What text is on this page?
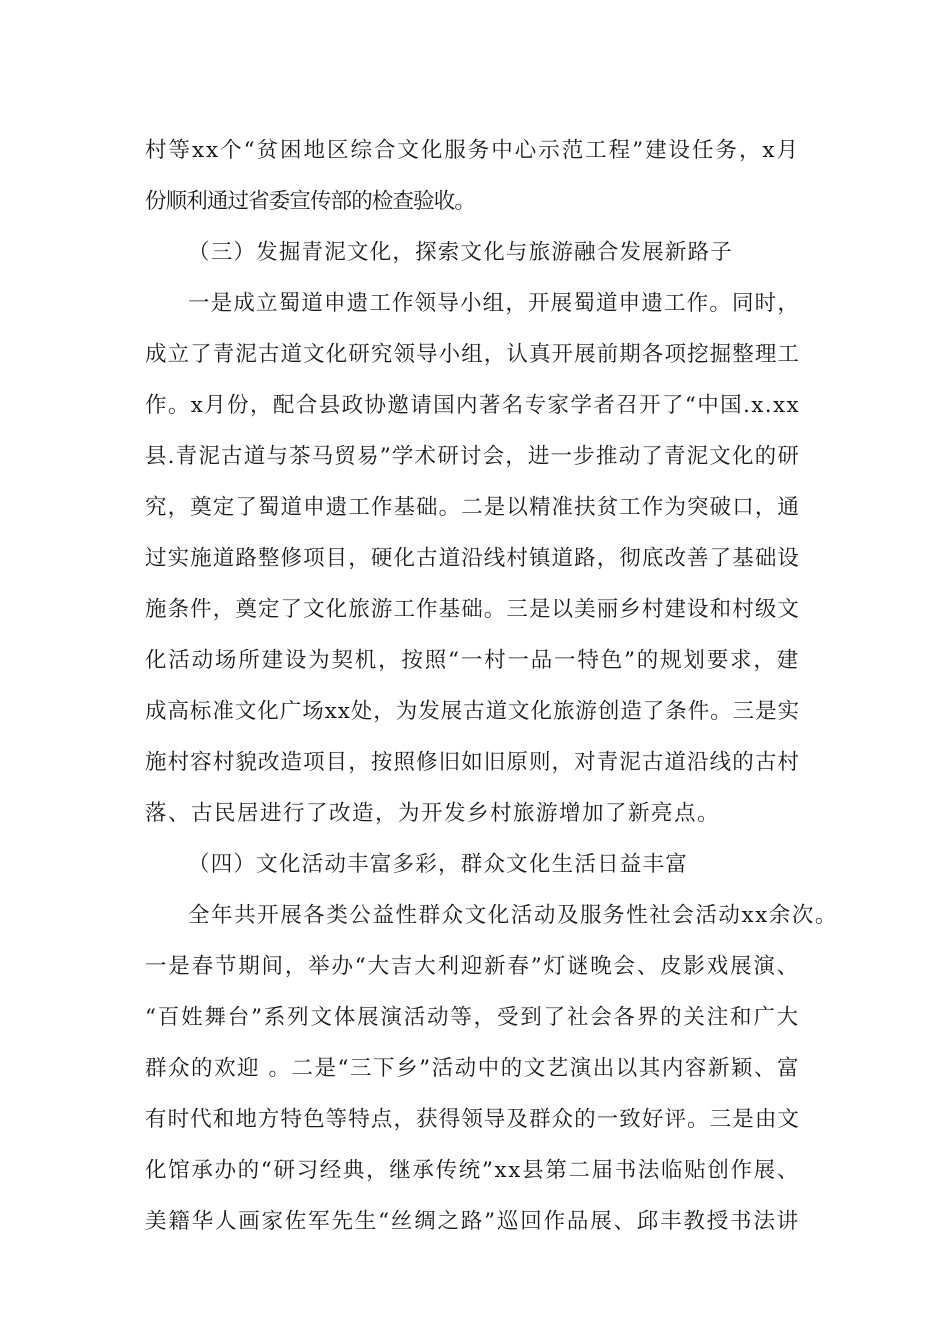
村等xx个“贫困地区综合文化服务中心示范工程”建设任务，x月
份顺利通过省委宣传部的检查验收。
（三）发掘青泥文化，探索文化与旅游融合发展新路子
一是成立蜀道申遗工作领导小组，开展蜀道申遗工作。同时，
成立了青泥古道文化研究领导小组，认真开展前期各项挖掘整理工
作。x月份，配合县政协邀请国内著名专家学者召开了“中国.x.xx
县.青泥古道与茶马贸易”学术研讨会，进一步推动了青泥文化的研
究，奠定了蜀道申遗工作基础。二是以精准扶贫工作为突破口，通
过实施道路整修项目，硬化古道沿线村镇道路，彻底改善了基础设
施条件，奠定了文化旅游工作基础。三是以美丽乡村建设和村级文
化活动场所建设为契机，按照“一村一品一特色”的规划要求，建
成高标准文化广场xx处，为发展古道文化旅游创造了条件。三是实
施村容村貌改造项目，按照修旧如旧原则，对青泥古道沿线的古村
落、古民居进行了改造，为开发乡村旅游增加了新亮点。
（四）文化活动丰富多彩，群众文化生活日益丰富
全年共开展各类公益性群众文化活动及服务性社会活动xx余次。
一是春节期间，举办“大吉大利迎新春”灯谜晚会、皮影戏展演、
“百姓舞台”系列文体展演活动等，受到了社会各界的关注和广大
群众的欢迎 。二是“三下乡”活动中的文艺演出以其内容新颖、富
有时代和地方特色等特点，获得领导及群众的一致好评。三是由文
化馆承办的“研习经典，继承传统”xx县第二届书法临贴创作展、
美籍华人画家佐军先生“丝绸之路”巡回作品展、邱丰教授书法讲
